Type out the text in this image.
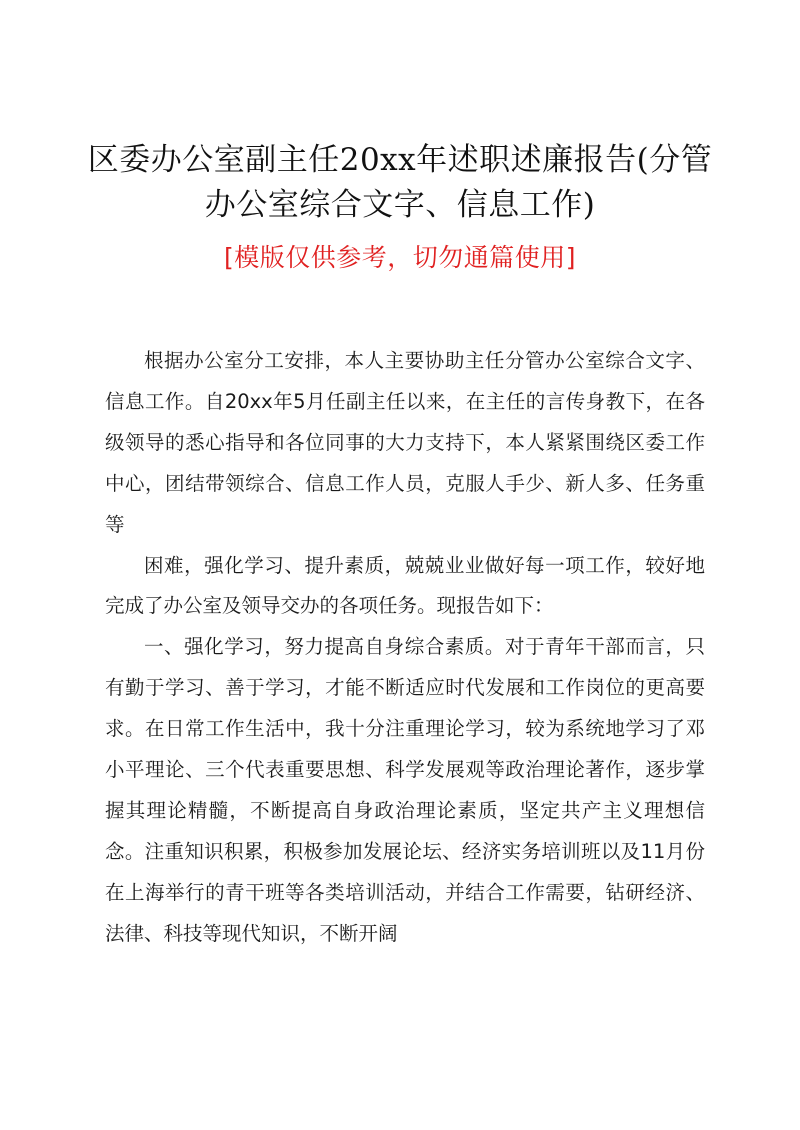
区委办公室副主任20xx年述职述廉报告(分管
办公室综合文字、信息工作)
[模版仅供参考，切勿通篇使用]

根据办公室分工安排，本人主要协助主任分管办公室综合文字、信息工作。自20xx年5月任副主任以来，在主任的言传身教下，在各级领导的悉心指导和各位同事的大力支持下，本人紧紧围绕区委工作中心，团结带领综合、信息工作人员，克服人手少、新人多、任务重等

困难，强化学习、提升素质，兢兢业业做好每一项工作，较好地完成了办公室及领导交办的各项任务。现报告如下：

一、强化学习，努力提高自身综合素质。对于青年干部而言，只有勤于学习、善于学习，才能不断适应时代发展和工作岗位的更高要求。在日常工作生活中，我十分注重理论学习，较为系统地学习了邓小平理论、三个代表重要思想、科学发展观等政治理论著作，逐步掌握其理论精髓，不断提高自身政治理论素质，坚定共产主义理想信念。注重知识积累，积极参加发展论坛、经济实务培训班以及11月份在上海举行的青干班等各类培训活动，并结合工作需要，钻研经济、法律、科技等现代知识，不断开阔
